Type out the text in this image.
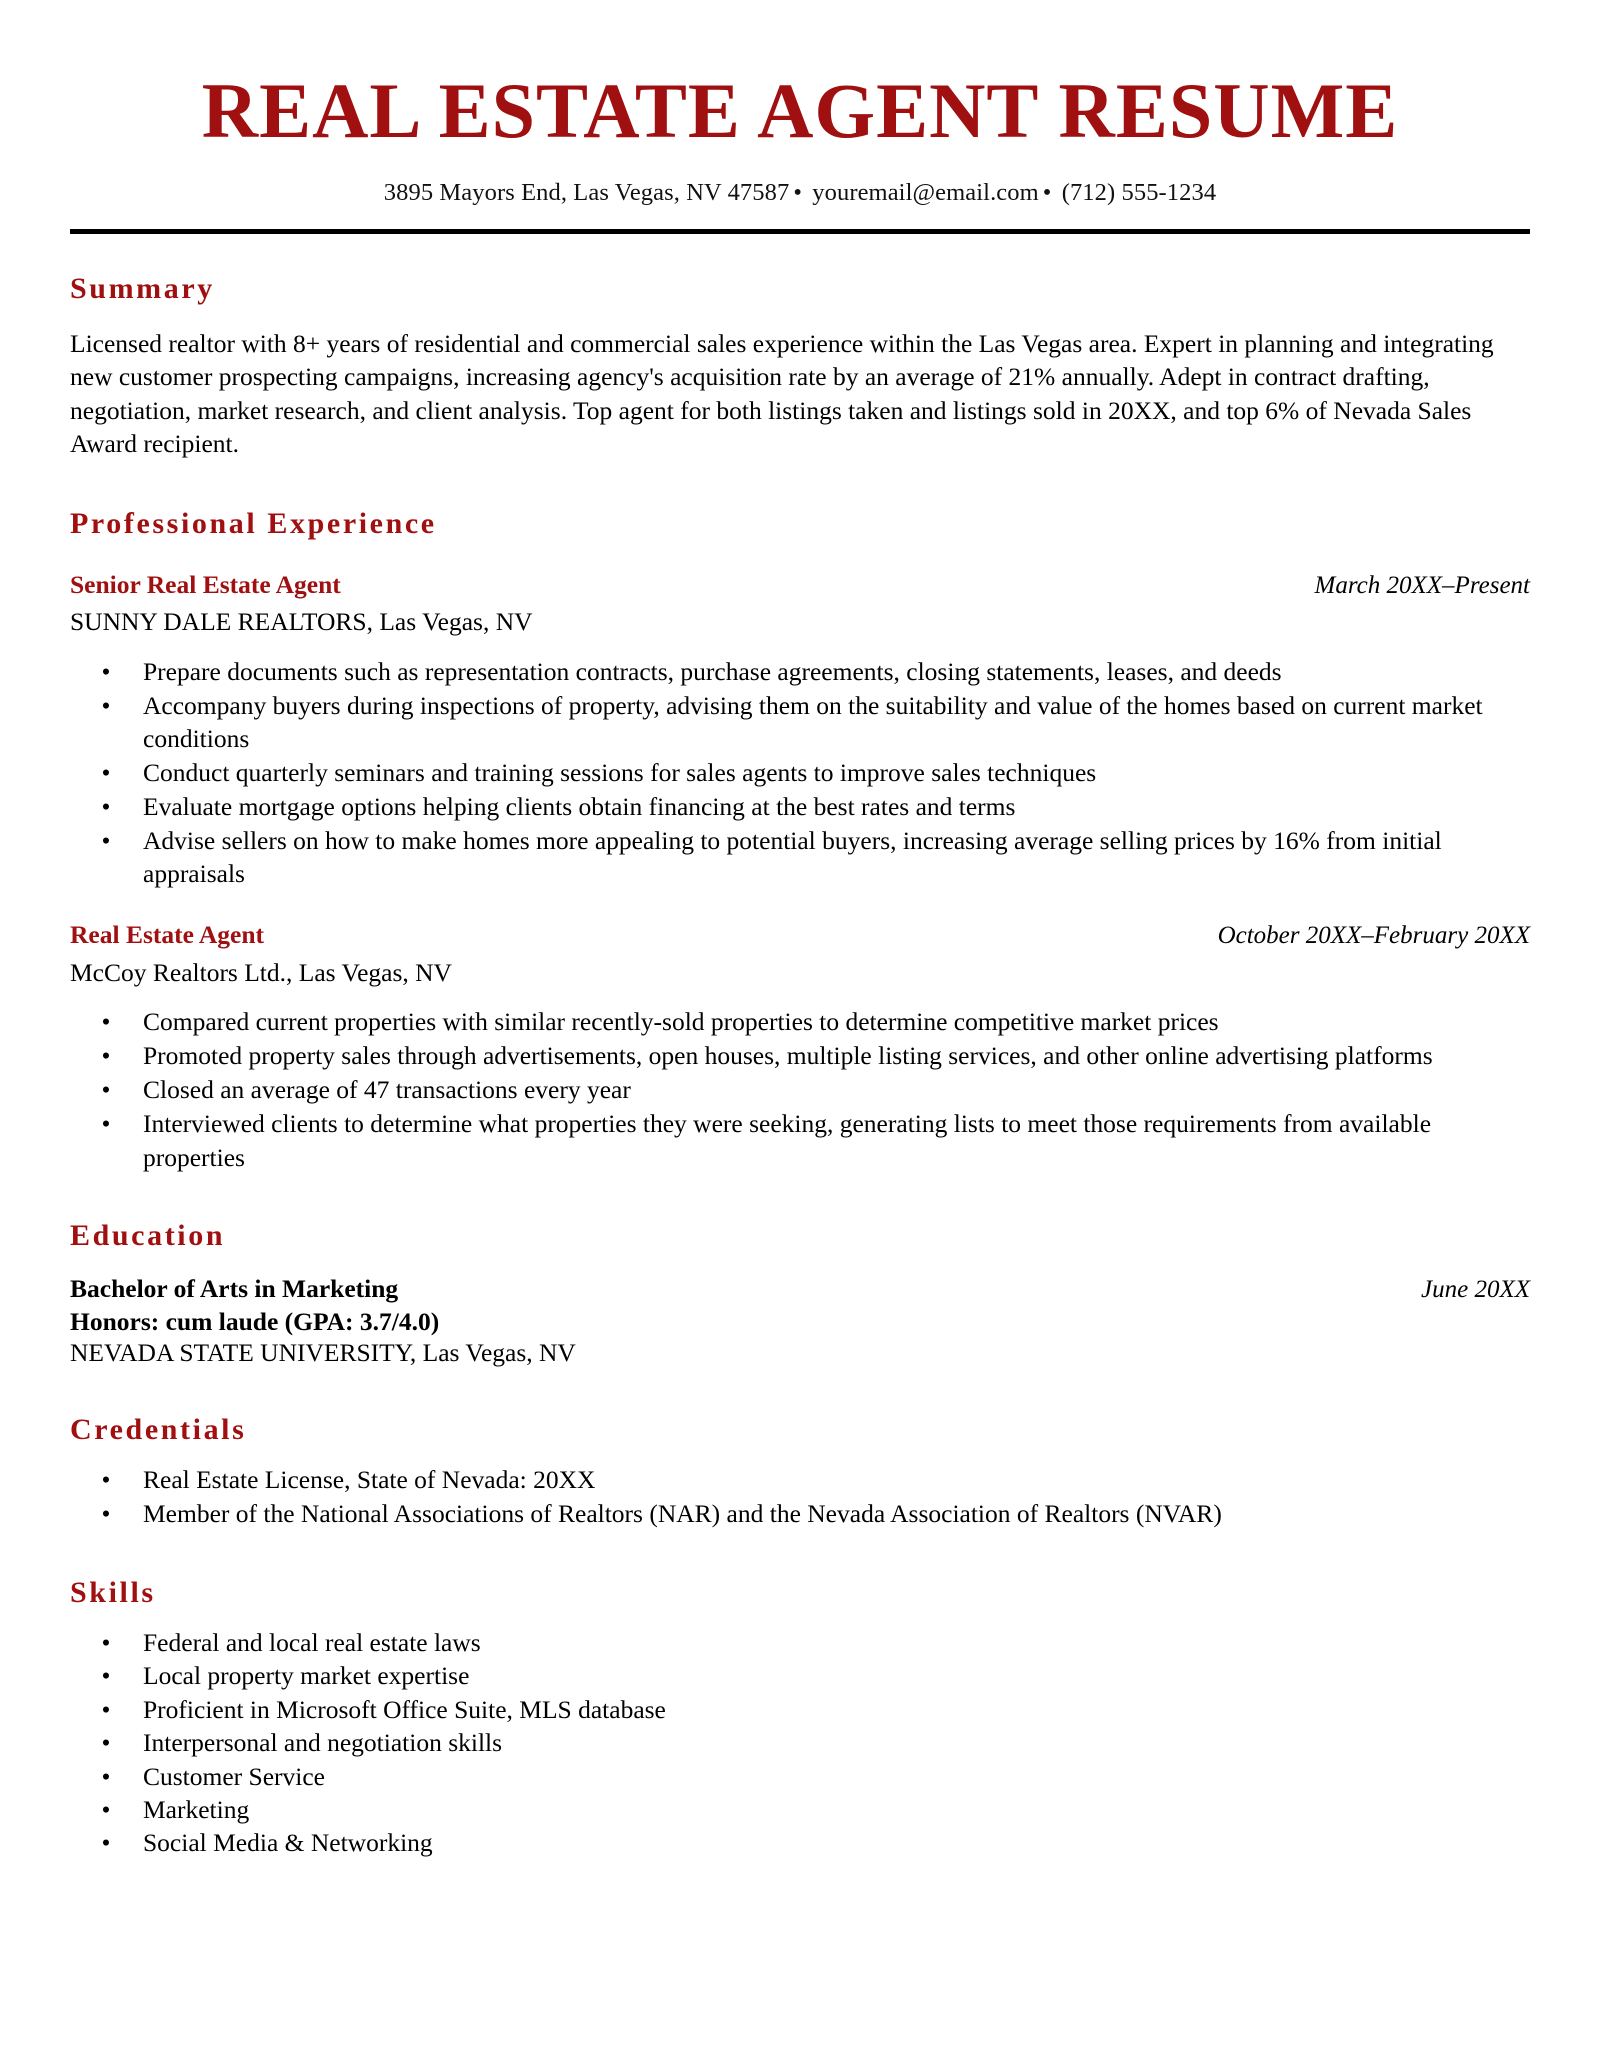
REAL ESTATE AGENT RESUME
3895 Mayors End, Las Vegas, NV 47587 • youremail@email.com • (712) 555-1234
Summary

Licensed realtor with 8+ years of residential and commercial sales experience within the Las Vegas area. Expert in planning and integrating new customer prospecting campaigns, increasing agency's acquisition rate by an average of 21% annually. Adept in contract drafting, negotiation, market research, and client analysis. Top agent for both listings taken and listings sold in 20XX, and top 6% of Nevada Sales Award recipient.

Professional Experience
Senior Real Estate Agent	March 20XX–Present
SUNNY DALE REALTORS, Las Vegas, NV
• Prepare documents such as representation contracts, purchase agreements, closing statements, leases, and deeds
• Accompany buyers during inspections of property, advising them on the suitability and value of the homes based on current market conditions
• Conduct quarterly seminars and training sessions for sales agents to improve sales techniques
• Evaluate mortgage options helping clients obtain financing at the best rates and terms
• Advise sellers on how to make homes more appealing to potential buyers, increasing average selling prices by 16% from initial appraisals
Real Estate Agent	October 20XX–February 20XX
McCoy Realtors Ltd., Las Vegas, NV
• Compared current properties with similar recently-sold properties to determine competitive market prices
• Promoted property sales through advertisements, open houses, multiple listing services, and other online advertising platforms
• Closed an average of 47 transactions every year
• Interviewed clients to determine what properties they were seeking, generating lists to meet those requirements from available properties
Education
Bachelor of Arts in Marketing	June 20XX
Honors: cum laude (GPA: 3.7/4.0)
NEVADA STATE UNIVERSITY, Las Vegas, NV
Credentials
• Real Estate License, State of Nevada: 20XX
• Member of the National Associations of Realtors (NAR) and the Nevada Association of Realtors (NVAR)
Skills
• Federal and local real estate laws
• Local property market expertise
• Proficient in Microsoft Office Suite, MLS database
• Interpersonal and negotiation skills
• Customer Service
• Marketing
• Social Media & Networking
